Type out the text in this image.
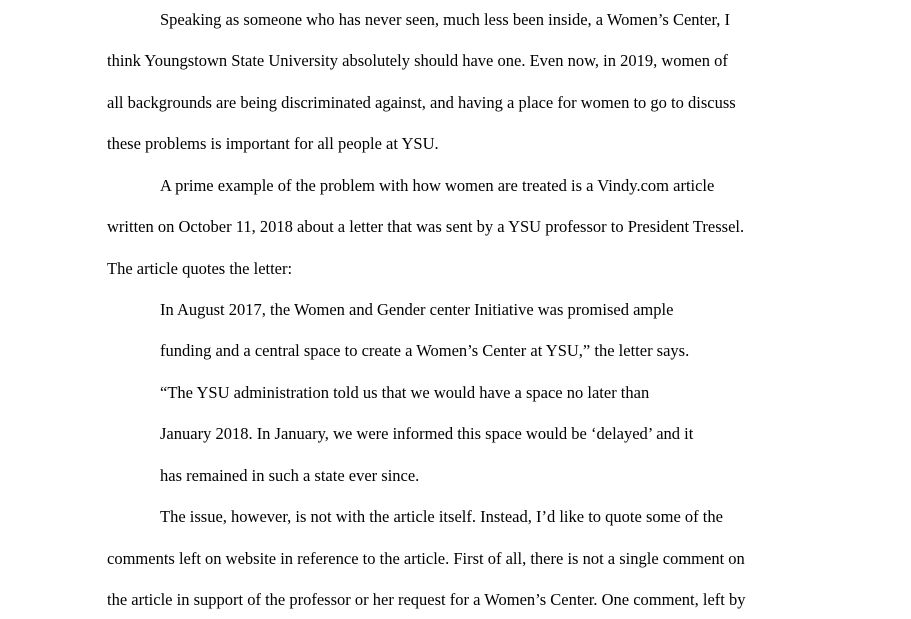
Speaking as someone who has never seen, much less been inside, a Women’s Center, I
think Youngstown State University absolutely should have one. Even now, in 2019, women of
all backgrounds are being discriminated against, and having a place for women to go to discuss
these problems is important for all people at YSU.
A prime example of the problem with how women are treated is a Vindy.com article
written on October 11, 2018 about a letter that was sent by a YSU professor to President Tressel.
The article quotes the letter:
In August 2017, the Women and Gender center Initiative was promised ample
funding and a central space to create a Women’s Center at YSU,” the letter says.
“The YSU administration told us that we would have a space no later than
January 2018. In January, we were informed this space would be ‘delayed’ and it
has remained in such a state ever since.
The issue, however, is not with the article itself. Instead, I’d like to quote some of the
comments left on website in reference to the article. First of all, there is not a single comment on
the article in support of the professor or her request for a Women’s Center. One comment, left by
